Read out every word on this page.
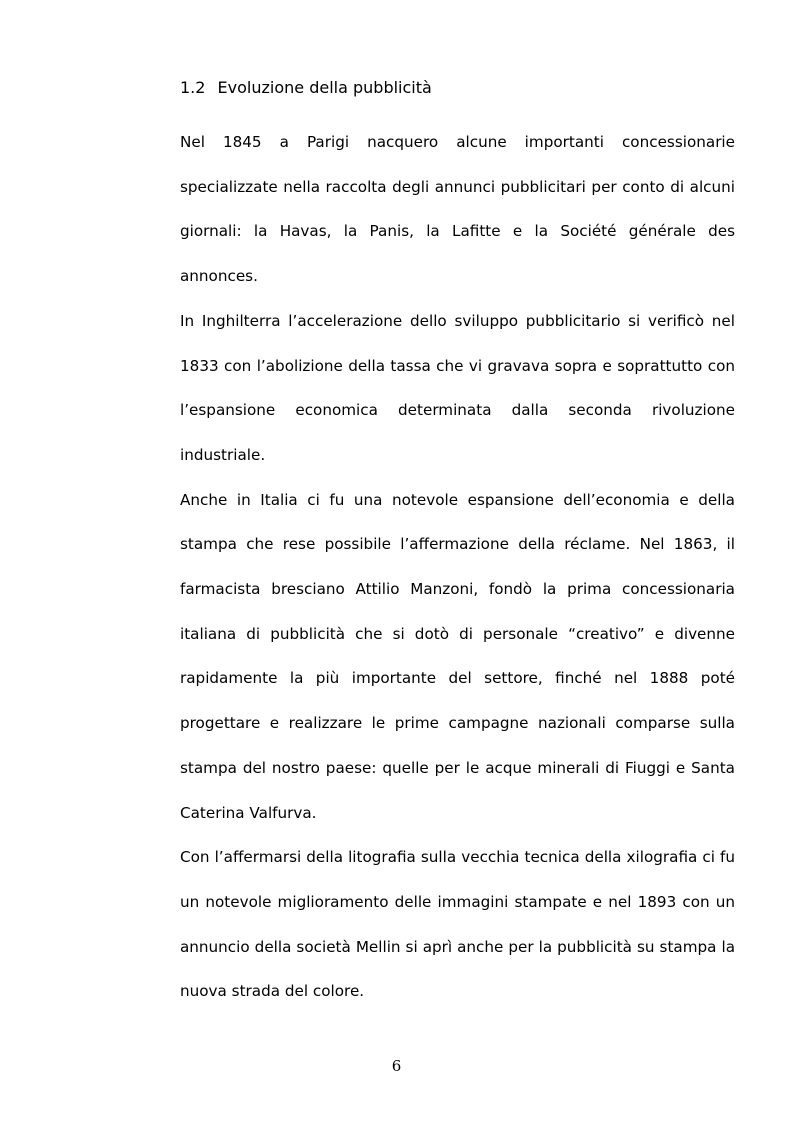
1.2 Evoluzione della pubblicità

Nel 1845 a Parigi nacquero alcune importanti concessionarie specializzate nella raccolta degli annunci pubblicitari per conto di alcuni giornali: la Havas, la Panis, la Lafitte e la Société générale des annonces.

In Inghilterra l’accelerazione dello sviluppo pubblicitario si verificò nel 1833 con l’abolizione della tassa che vi gravava sopra e soprattutto con l’espansione economica determinata dalla seconda rivoluzione industriale.

Anche in Italia ci fu una notevole espansione dell’economia e della stampa che rese possibile l’affermazione della réclame. Nel 1863, il farmacista bresciano Attilio Manzoni, fondò la prima concessionaria italiana di pubblicità che si dotò di personale “creativo” e divenne rapidamente la più importante del settore, finché nel 1888 poté progettare e realizzare le prime campagne nazionali comparse sulla stampa del nostro paese: quelle per le acque minerali di Fiuggi e Santa Caterina Valfurva.

Con l’affermarsi della litografia sulla vecchia tecnica della xilografia ci fu un notevole miglioramento delle immagini stampate e nel 1893 con un annuncio della società Mellin si aprì anche per la pubblicità su stampa la nuova strada del colore.

6
